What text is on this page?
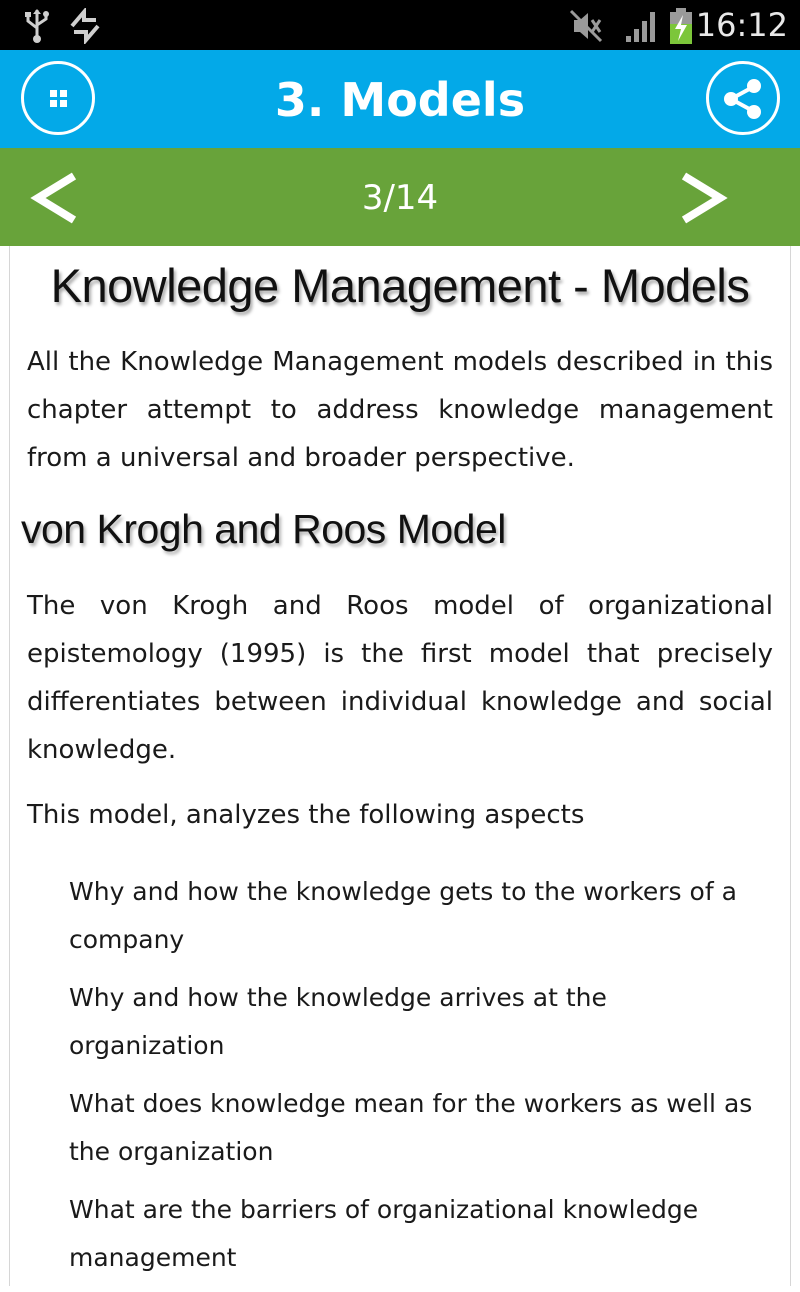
16:12
3. Models
3/14
Knowledge Management - Models

All the Knowledge Management models described in this chapter attempt to address knowledge management from a universal and broader perspective.

von Krogh and Roos Model

The von Krogh and Roos model of organizational epistemology (1995) is the first model that precisely differentiates between individual knowledge and social knowledge.

This model, analyzes the following aspects

Why and how the knowledge gets to the workers of a company
Why and how the knowledge arrives at the organization
What does knowledge mean for the workers as well as the organization
What are the barriers of organizational knowledge management
